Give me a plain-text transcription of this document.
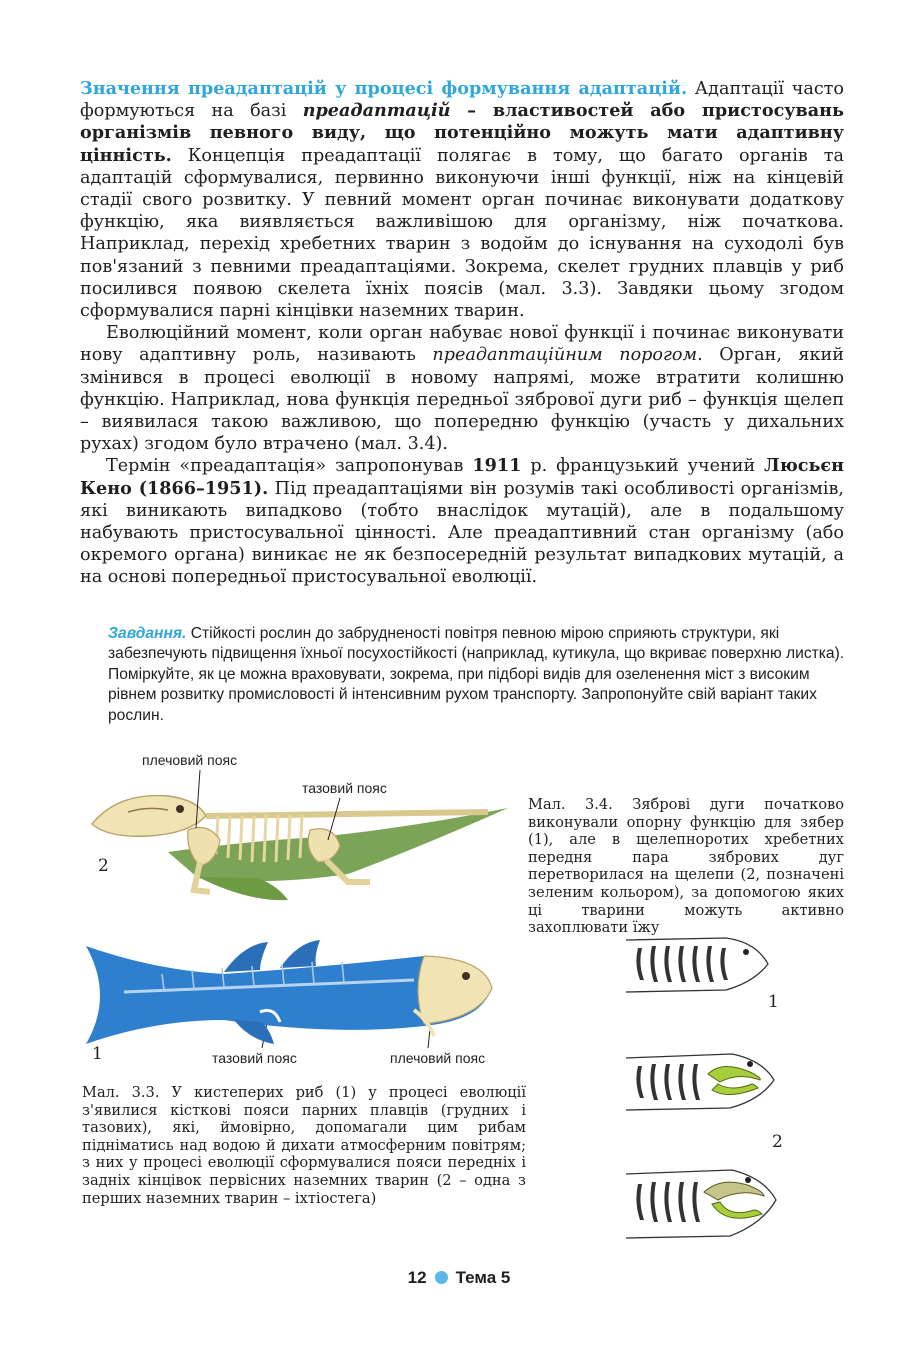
Значення преадаптацій у процесі формування адаптацій. Адаптації часто формуються на базі преадаптацій – властивостей або пристосувань організмів певного виду, що потенційно можуть мати адаптивну цінність. Концепція преадаптації полягає в тому, що багато органів та адаптацій сформувалися, первинно виконуючи інші функції, ніж на кінцевій стадії свого розвитку. У певний момент орган починає виконувати додаткову функцію, яка виявляється важливішою для організму, ніж початкова. Наприклад, перехід хребетних тварин з водойм до існування на суходолі був пов'язаний з певними преадаптаціями. Зокрема, скелет грудних плавців у риб посилився появою скелета їхніх поясів (мал. 3.3). Завдяки цьому згодом сформувалися парні кінцівки наземних тварин.

Еволюційний момент, коли орган набуває нової функції і починає виконувати нову адаптивну роль, називають преадаптаційним порогом. Орган, який змінився в процесі еволюції в новому напрямі, може втратити колишню функцію. Наприклад, нова функція передньої зябрової дуги риб – функція щелеп – виявилася такою важливою, що попередню функцію (участь у дихальних рухах) згодом було втрачено (мал. 3.4).

Термін «преадаптація» запропонував 1911 р. французький учений Люсьєн Кено (1866–1951). Під преадаптаціями він розумів такі особливості організмів, які виникають випадково (тобто внаслідок мутацій), але в подальшому набувають пристосувальної цінності. Але преадаптивний стан організму (або окремого органа) виникає не як безпосередній результат випадкових мутацій, а на основі попередньої пристосувальної еволюції.

Завдання. Стійкості рослин до забрудненості повітря певною мірою сприяють структури, які забезпечують підвищення їхньої посухостійкості (наприклад, кутикула, що вкриває поверхню листка). Поміркуйте, як це можна враховувати, зокрема, при підборі видів для озеленення міст з високим рівнем розвитку промисловості й інтенсивним рухом транспорту. Запропонуйте свій варіант таких рослин.

плечовий пояс
тазовий пояс
2
1	тазовий пояс	плечовий пояс

Мал. 3.3. У кистеперих риб (1) у процесі еволюції з'явилися кісткові пояси парних плавців (грудних і тазових), які, ймовірно, допомагали цим рибам підніматись над водою й дихати атмосферним повітрям; з них у процесі еволюції сформувалися пояси передніх і задніх кінцівок первісних наземних тварин (2 – одна з перших наземних тварин – іхтіостега)

Мал. 3.4. Зяброві дуги початково виконували опорну функцію для зябер (1), але в щелепноротих хребетних передня пара зябрових дуг перетворилася на щелепи (2, позначені зеленим кольором), за допомогою яких ці тварини можуть активно захоплювати їжу

1
2
12 Тема 5
